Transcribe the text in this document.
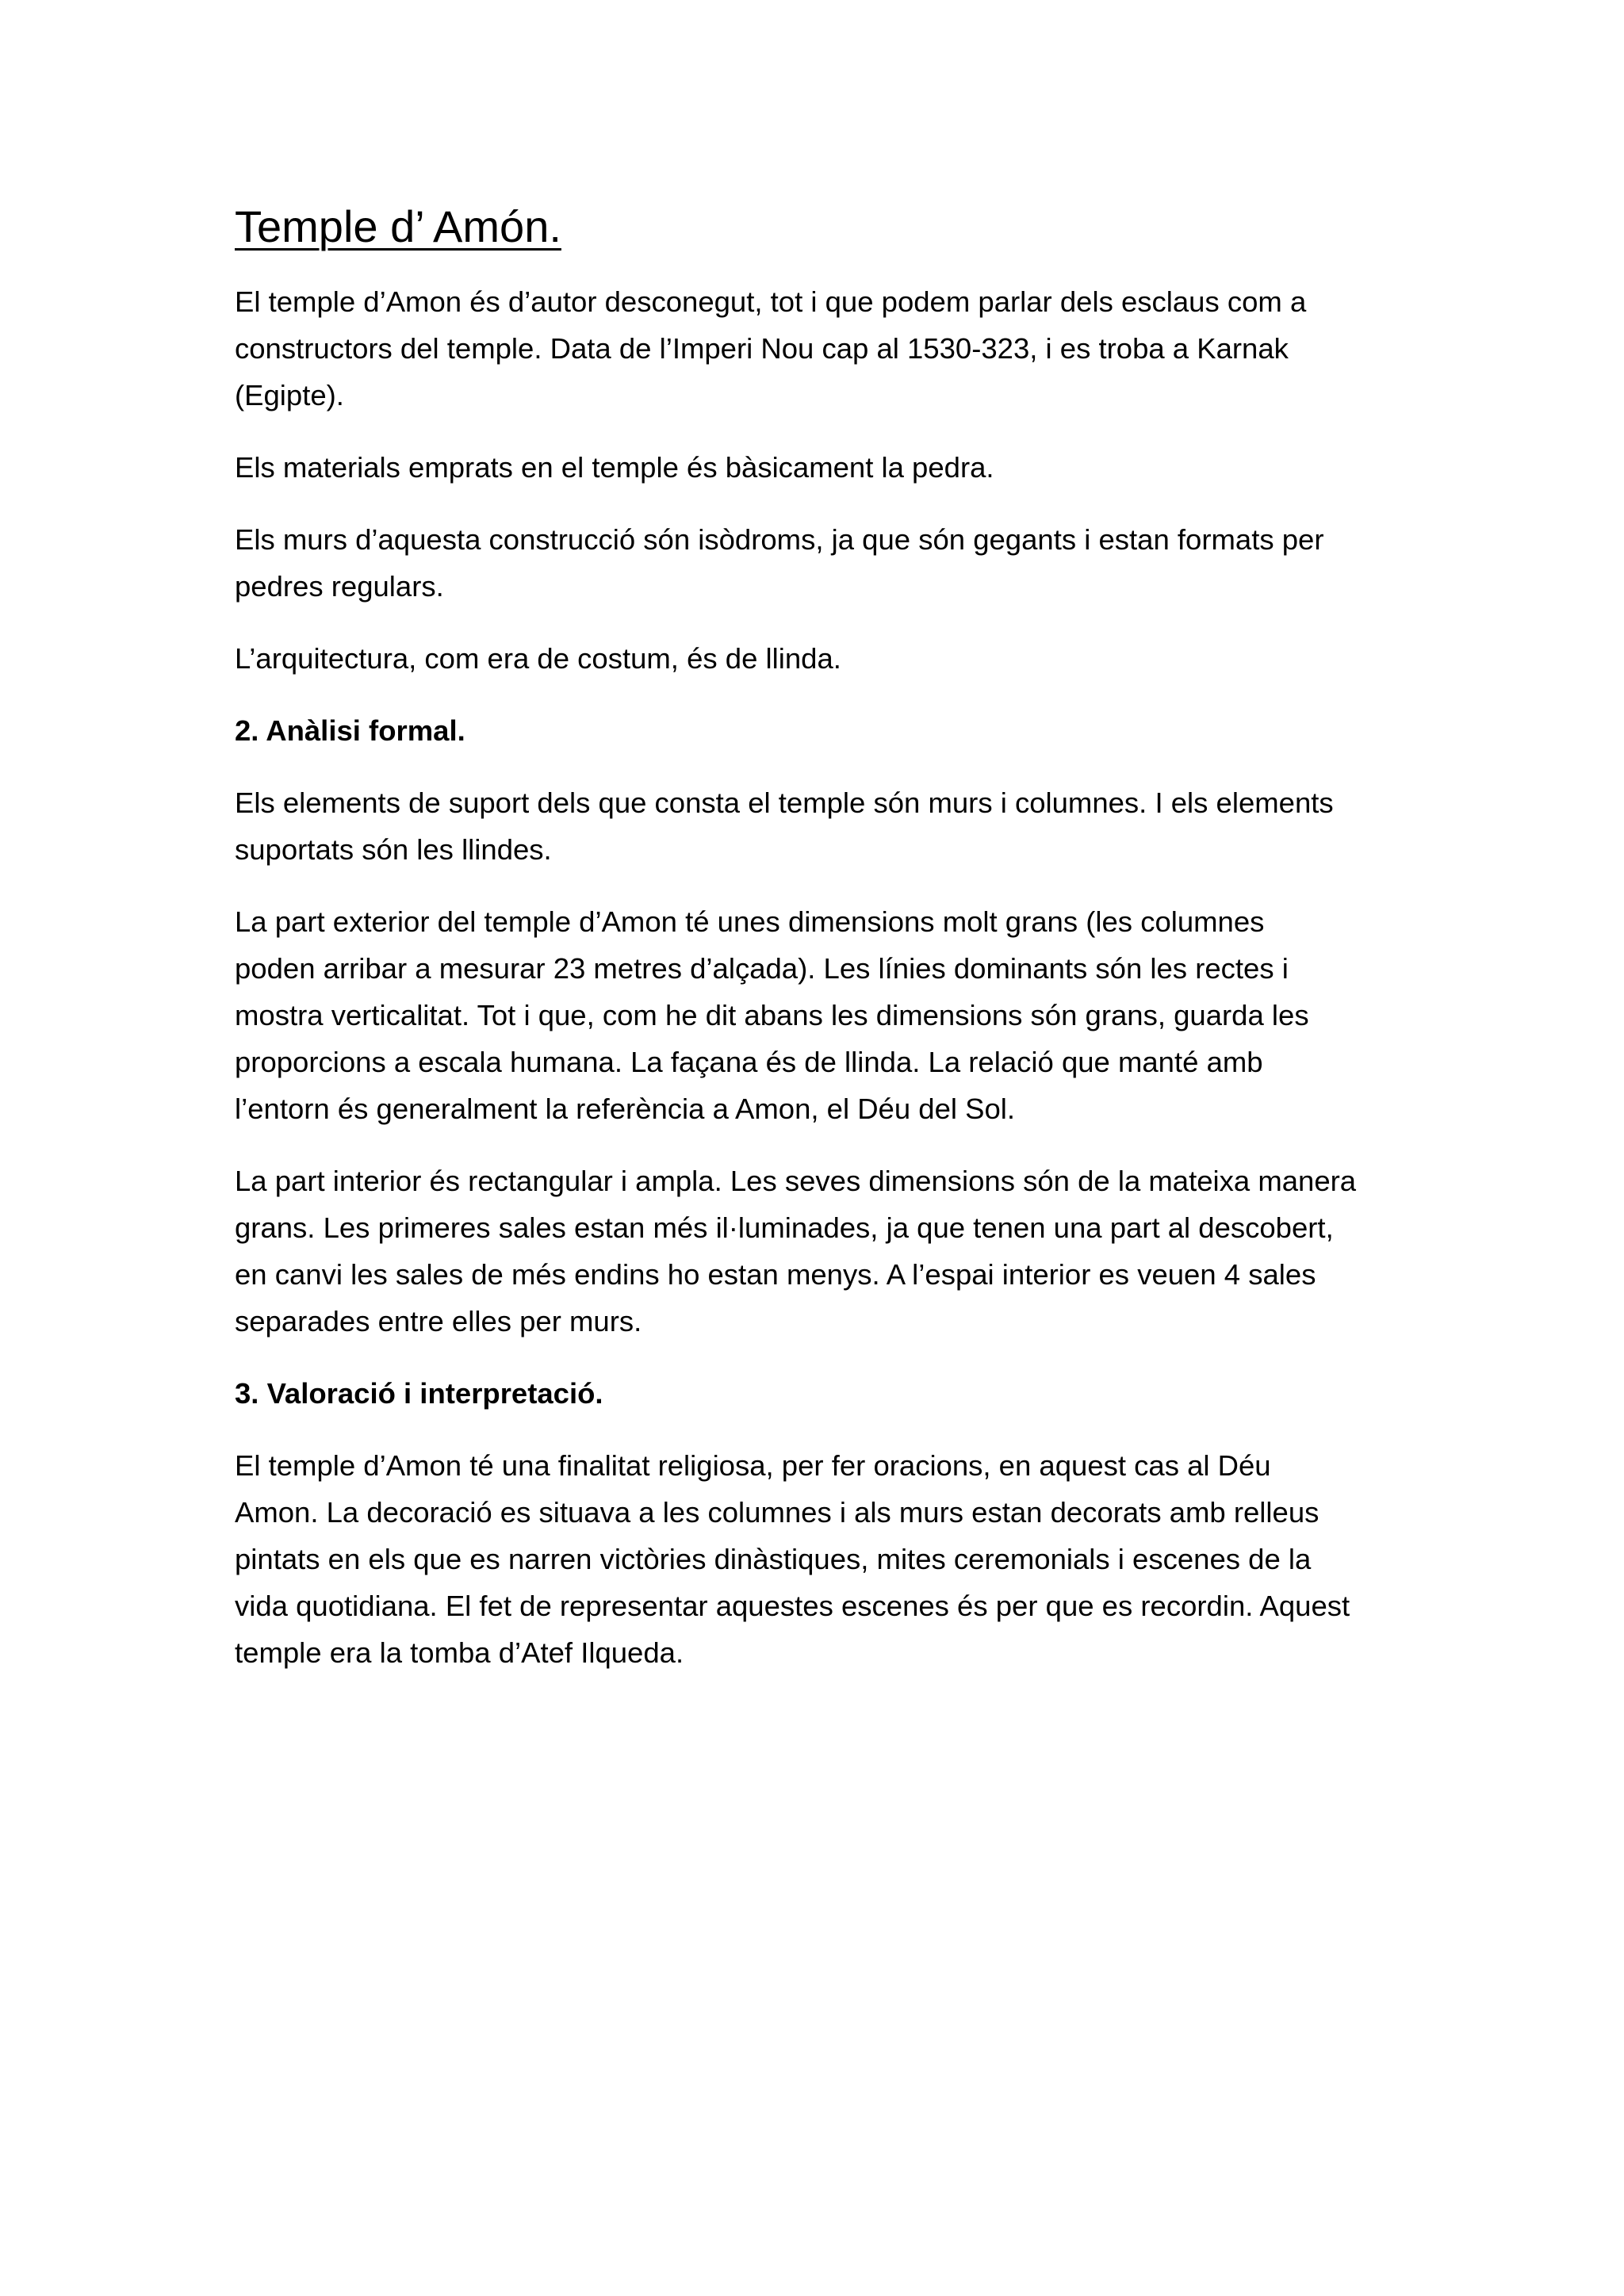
Temple d’ Amón.

El temple d’Amon és d’autor desconegut, tot i que podem parlar dels esclaus com a
constructors del temple. Data de l’Imperi Nou cap al 1530-323, i es troba a Karnak
(Egipte).

Els materials emprats en el temple és bàsicament la pedra.

Els murs d’aquesta construcció són isòdroms, ja que són gegants i estan formats per
pedres regulars.

L’arquitectura, com era de costum, és de llinda.

2. Anàlisi formal.

Els elements de suport dels que consta el temple són murs i columnes. I els elements
suportats són les llindes.

La part exterior del temple d’Amon té unes dimensions molt grans (les columnes
poden arribar a mesurar 23 metres d’alçada). Les línies dominants són les rectes i
mostra verticalitat. Tot i que, com he dit abans les dimensions són grans, guarda les
proporcions a escala humana. La façana és de llinda. La relació que manté amb
l’entorn és generalment la referència a Amon, el Déu del Sol.

La part interior és rectangular i ampla. Les seves dimensions són de la mateixa manera
grans. Les primeres sales estan més il·luminades, ja que tenen una part al descobert,
en canvi les sales de més endins ho estan menys. A l’espai interior es veuen 4 sales
separades entre elles per murs.

3. Valoració i interpretació.

El temple d’Amon té una finalitat religiosa, per fer oracions, en aquest cas al Déu
Amon. La decoració es situava a les columnes i als murs estan decorats amb relleus
pintats en els que es narren victòries dinàstiques, mites ceremonials i escenes de la
vida quotidiana. El fet de representar aquestes escenes és per que es recordin. Aquest
temple era la tomba d’Atef Ilqueda.
